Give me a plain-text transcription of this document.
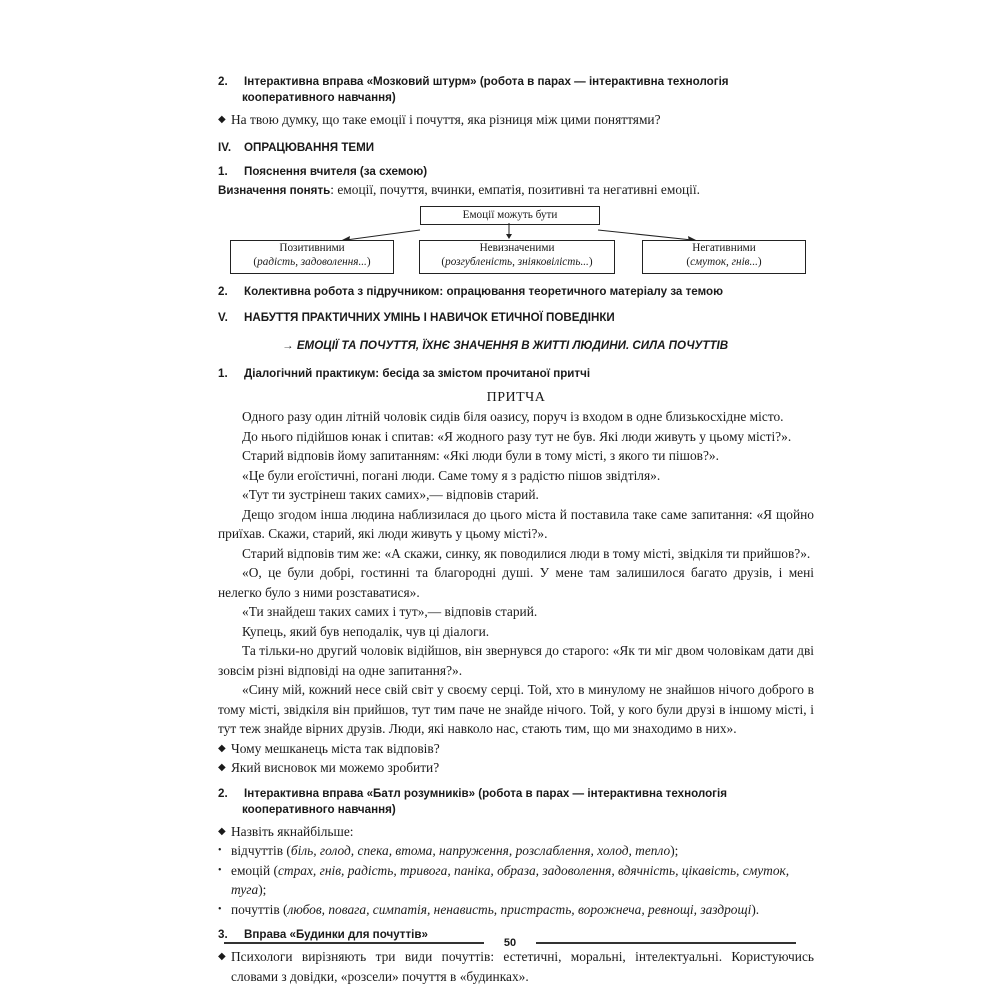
2.	Інтерактивна вправа «Мозковий штурм» (робота в парах — інтерактивна технологія
кооперативного навчання)
◆ На твою думку, що таке емоції і почуття, яка різниця між цими поняттями?
IV.	ОПРАЦЮВАННЯ ТЕМИ
1.	Пояснення вчителя (за схемою)
Визначення понять: емоції, почуття, вчинки, емпатія, позитивні та негативні емоції.
Емоції можуть бути
Позитивними
(радість, задоволення...)
Невизначеними
(розгубленість, зніяковілість...)
Негативними
(смуток, гнів...)
2.	Колективна робота з підручником: опрацювання теоретичного матеріалу за темою
V.	НАБУТТЯ ПРАКТИЧНИХ УМІНЬ І НАВИЧОК ЕТИЧНОЇ ПОВЕДІНКИ
→ ЕМОЦІЇ ТА ПОЧУТТЯ, ЇХНЄ ЗНАЧЕННЯ В ЖИТТІ ЛЮДИНИ. СИЛА ПОЧУТТІВ
1.	Діалогічний практикум: бесіда за змістом прочитаної притчі
ПРИТЧА
Одного разу один літній чоловік сидів біля оазису, поруч із входом в одне близькосхідне місто.
До нього підійшов юнак і спитав: «Я жодного разу тут не був. Які люди живуть у цьому місті?».
Старий відповів йому запитанням: «Які люди були в тому місті, з якого ти пішов?».
«Це були егоїстичні, погані люди. Саме тому я з радістю пішов звідтіля».
«Тут ти зустрінеш таких самих»,— відповів старий.
Дещо згодом інша людина наблизилася до цього міста й поставила таке саме запитання: «Я щойно приїхав. Скажи, старий, які люди живуть у цьому місті?».
Старий відповів тим же: «А скажи, синку, як поводилися люди в тому місті, звідкіля ти прийшов?».
«О, це були добрі, гостинні та благородні душі. У мене там залишилося багато друзів, і мені нелегко було з ними розставатися».
«Ти знайдеш таких самих і тут»,— відповів старий.
Купець, який був неподалік, чув ці діалоги.
Та тільки-но другий чоловік відійшов, він звернувся до старого: «Як ти міг двом чоловікам дати дві зовсім різні відповіді на одне запитання?».
«Сину мій, кожний несе свій світ у своєму серці. Той, хто в минулому не знайшов нічого доброго в тому місті, звідкіля він прийшов, тут тим паче не знайде нічого. Той, у кого були друзі в іншому місті, і тут теж знайде вірних друзів. Люди, які навколо нас, стають тим, що ми знаходимо в них».
◆ Чому мешканець міста так відповів?
◆ Який висновок ми можемо зробити?
2.	Інтерактивна вправа «Батл розумників» (робота в парах — інтерактивна технологія
кооперативного навчання)
◆ Назвіть якнайбільше:
• відчуттів (біль, голод, спека, втома, напруження, розслаблення, холод, тепло);
• емоцій (страх, гнів, радість, тривога, паніка, образа, задоволення, вдячність, цікавість, смуток, туга);
• почуттів (любов, повага, симпатія, ненависть, пристрасть, ворожнеча, ревнощі, заздрощі).
3.	Вправа «Будинки для почуттів»
◆ Психологи вирізняють три види почуттів: естетичні, моральні, інтелектуальні. Користуючись словами з довідки, «розсели» почуття в «будинках».
50
